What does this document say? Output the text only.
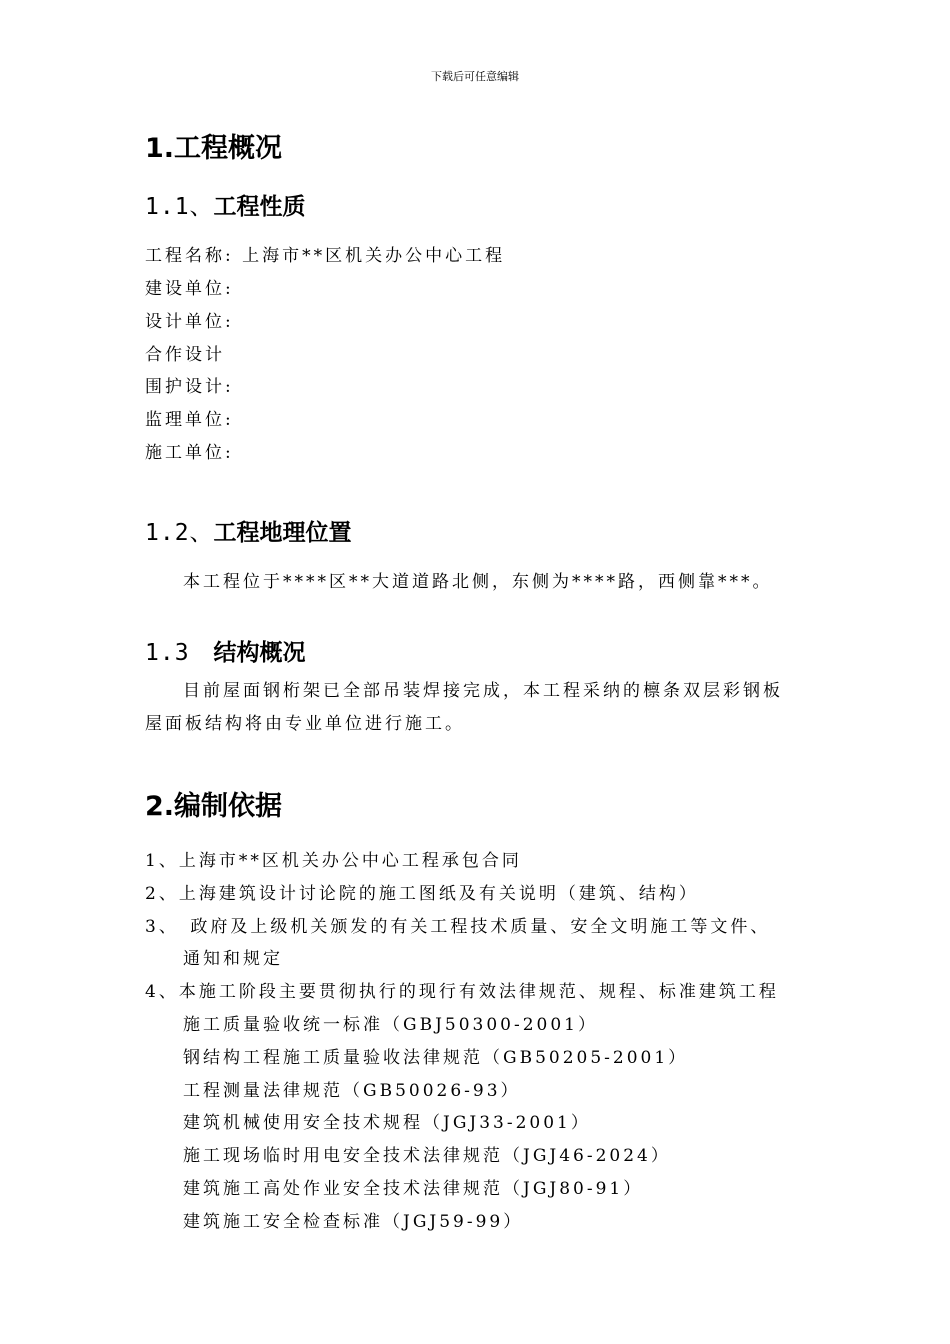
下载后可任意编辑
1.工程概况
1.1、工程性质
工程名称: 上海市**区机关办公中心工程
建设单位:
设计单位:
合作设计
围护设计:
监理单位:
施工单位:
1.2、工程地理位置
本工程位于****区**大道道路北侧，东侧为****路，西侧靠***。
1.3　结构概况
目前屋面钢桁架已全部吊装焊接完成，本工程采纳的檩条双层彩钢板
屋面板结构将由专业单位进行施工。
2.编制依据
1、上海市**区机关办公中心工程承包合同
2、上海建筑设计讨论院的施工图纸及有关说明（建筑、结构）
3、　政府及上级机关颁发的有关工程技术质量、安全文明施工等文件、
通知和规定
4、本施工阶段主要贯彻执行的现行有效法律规范、规程、标准建筑工程
施工质量验收统一标准（GBJ50300-2001）
钢结构工程施工质量验收法律规范（GB50205-2001）
工程测量法律规范（GB50026-93）
建筑机械使用安全技术规程（JGJ33-2001）
施工现场临时用电安全技术法律规范（JGJ46-2024）
建筑施工高处作业安全技术法律规范（JGJ80-91）
建筑施工安全检查标准（JGJ59-99）
